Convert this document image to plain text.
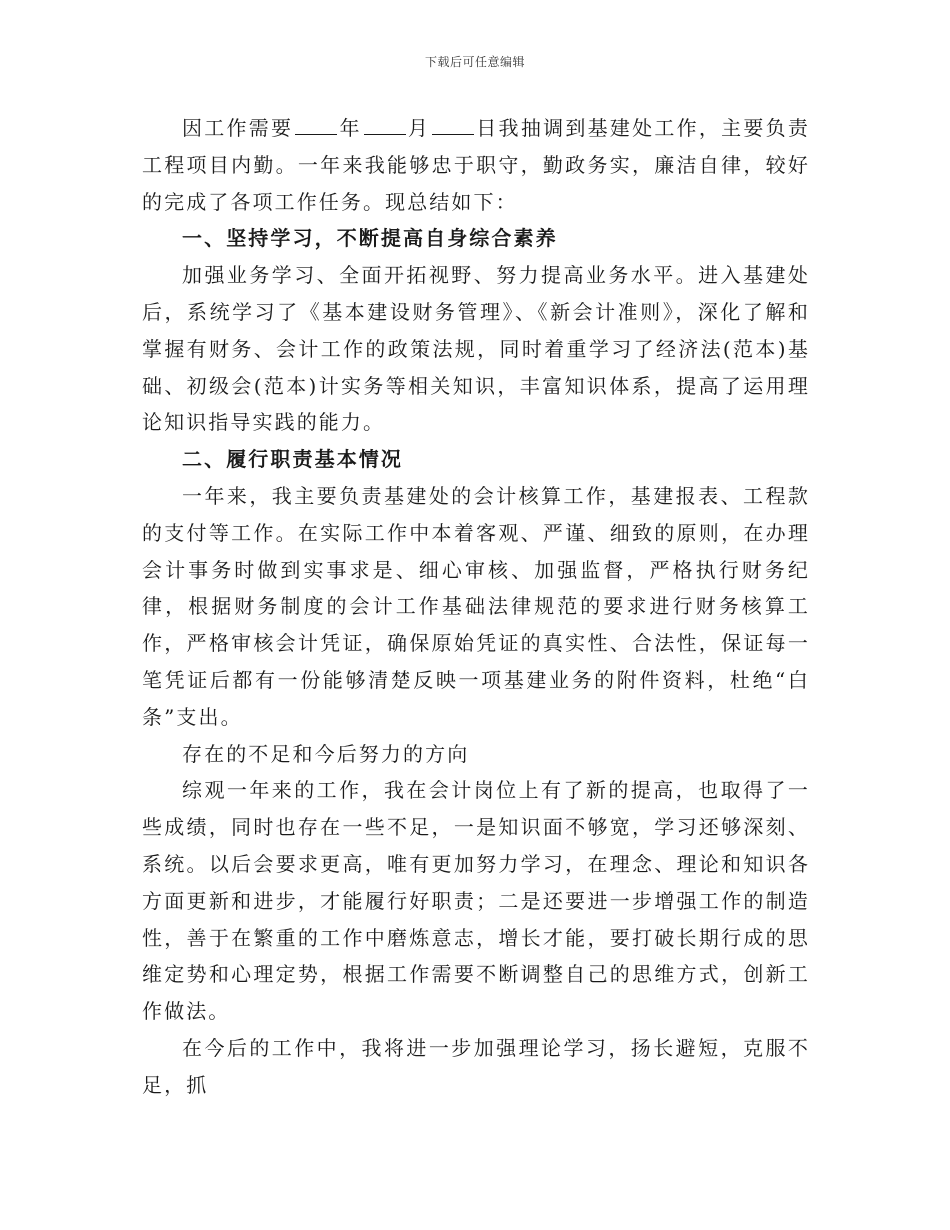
下载后可任意编辑

因工作需要 年 月 日我抽调到基建处工作，主要负责工程项目内勤。一年来我能够忠于职守，勤政务实，廉洁自律，较好的完成了各项工作任务。现总结如下：

一、坚持学习，不断提高自身综合素养

加强业务学习、全面开拓视野、努力提高业务水平。进入基建处后，系统学习了《基本建设财务管理》、《新会计准则》，深化了解和掌握有财务、会计工作的政策法规，同时着重学习了经济法(范本)基础、初级会(范本)计实务等相关知识，丰富知识体系，提高了运用理论知识指导实践的能力。

二、履行职责基本情况

一年来，我主要负责基建处的会计核算工作，基建报表、工程款的支付等工作。在实际工作中本着客观、严谨、细致的原则，在办理会计事务时做到实事求是、细心审核、加强监督，严格执行财务纪律，根据财务制度的会计工作基础法律规范的要求进行财务核算工作，严格审核会计凭证，确保原始凭证的真实性、合法性，保证每一笔凭证后都有一份能够清楚反映一项基建业务的附件资料，杜绝“白条”支出。

存在的不足和今后努力的方向

综观一年来的工作，我在会计岗位上有了新的提高，也取得了一些成绩，同时也存在一些不足，一是知识面不够宽，学习还够深刻、系统。以后会要求更高，唯有更加努力学习，在理念、理论和知识各方面更新和进步，才能履行好职责；二是还要进一步增强工作的制造性，善于在繁重的工作中磨炼意志，增长才能，要打破长期行成的思维定势和心理定势，根据工作需要不断调整自己的思维方式，创新工作做法。

在今后的工作中，我将进一步加强理论学习，扬长避短，克服不足，抓
